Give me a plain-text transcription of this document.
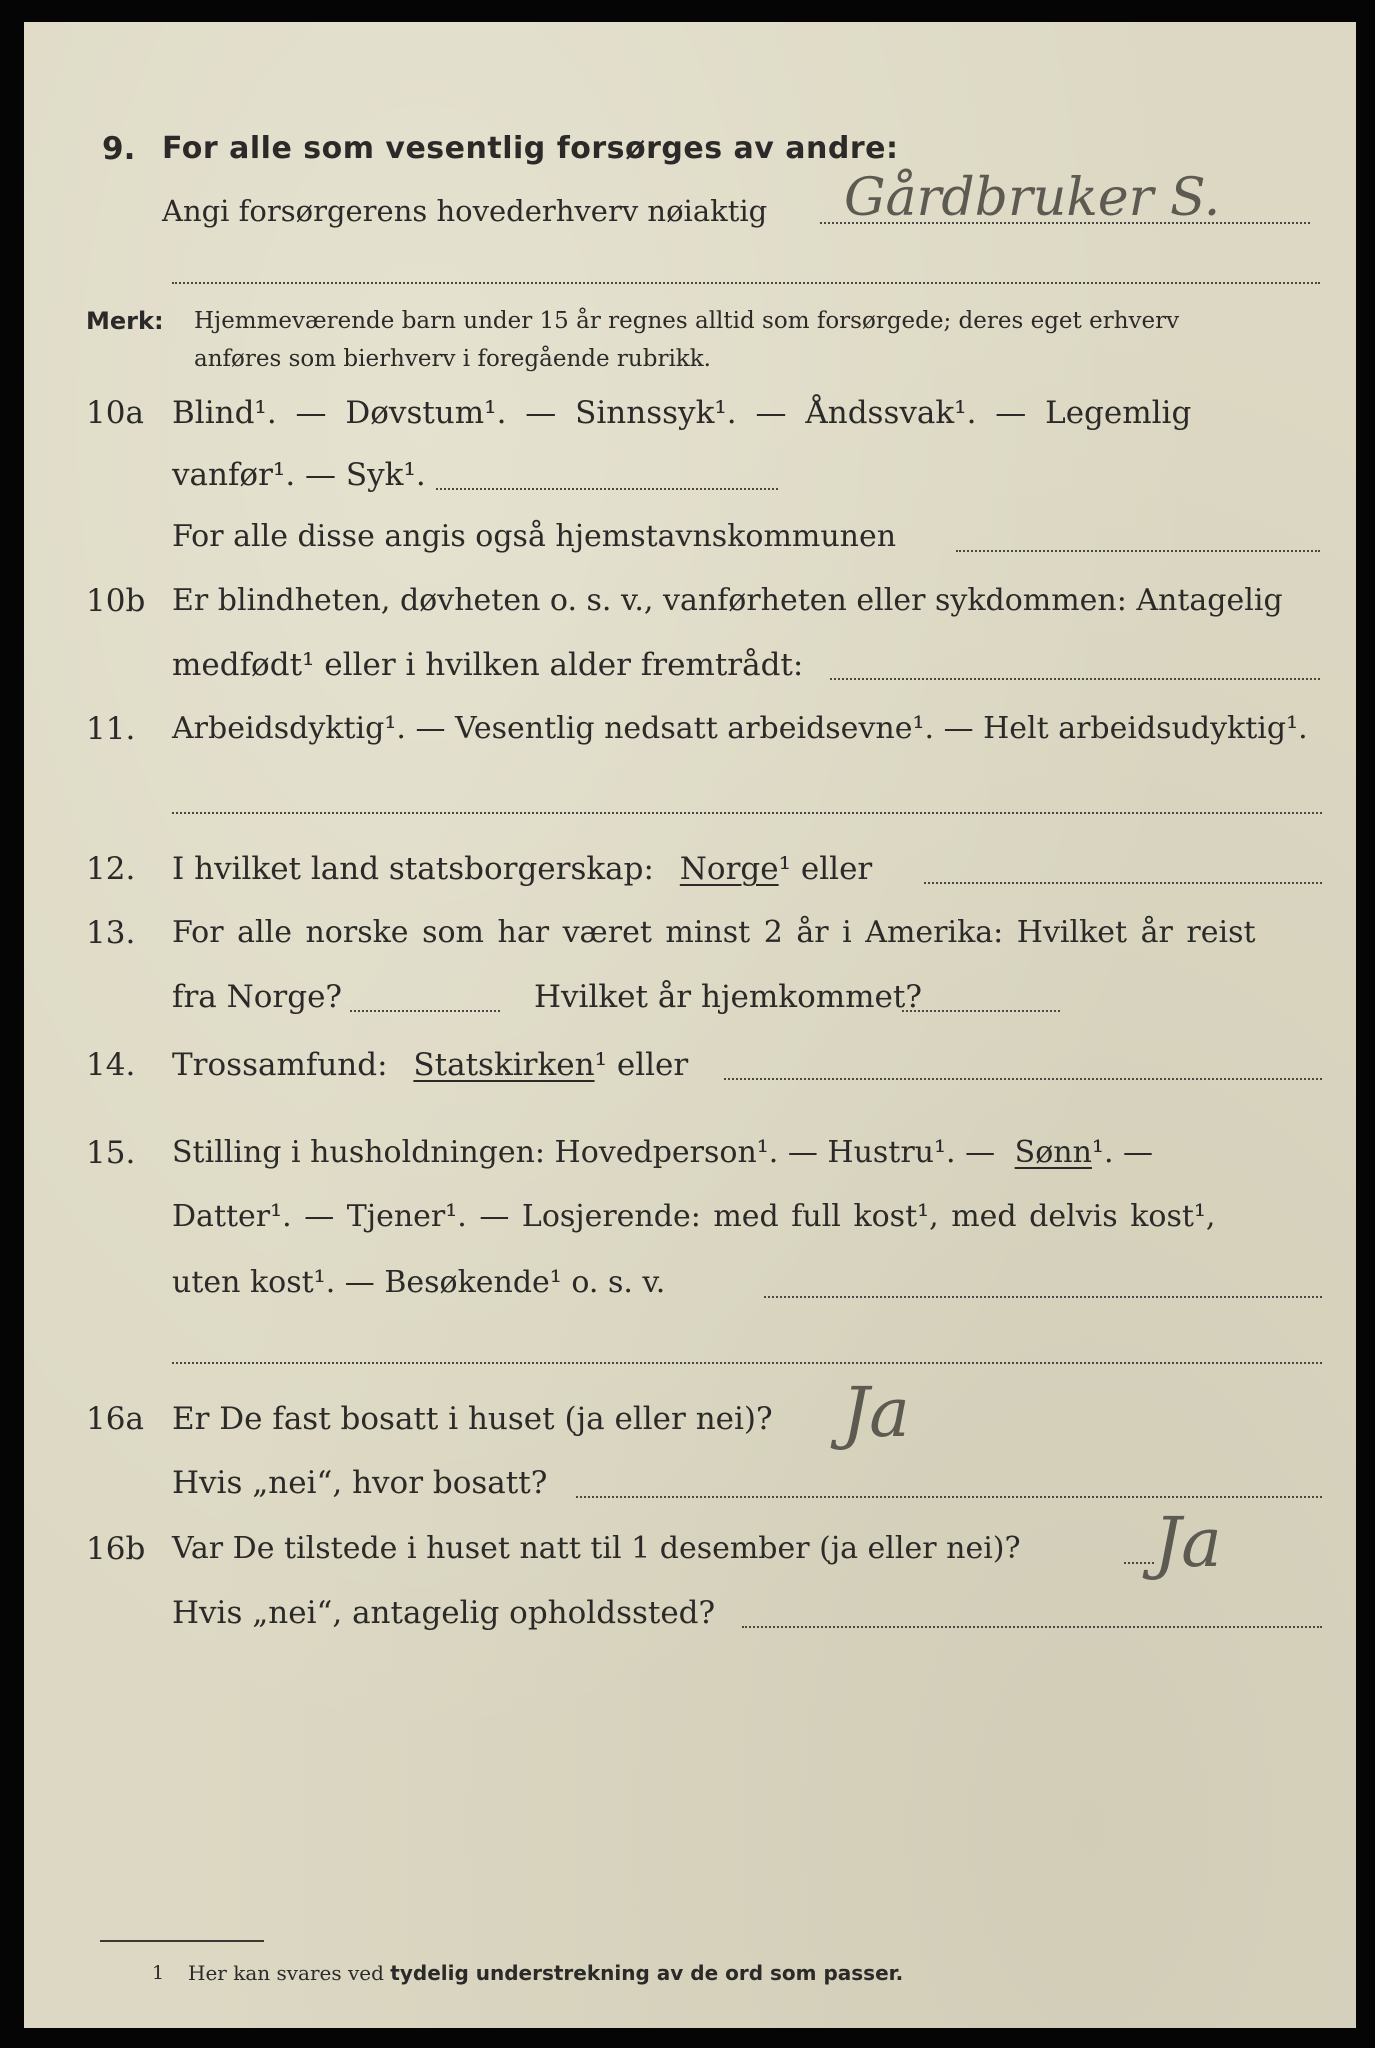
9. For alle som vesentlig forsørges av andre:
Angi forsørgerens hovederhverv nøiaktig Gårdbruker S.
Merk: Hjemmeværende barn under 15 år regnes alltid som forsørgede; deres eget erhverv
anføres som bierhverv i foregående rubrikk.
10a Blind¹. — Døvstum¹. — Sinnssyk¹. — Åndssvak¹. — Legemlig
vanfør¹. — Syk¹.
For alle disse angis også hjemstavnskommunen
10b Er blindheten, døvheten o. s. v., vanførheten eller sykdommen: Antagelig
medfødt¹ eller i hvilken alder fremtrådt:
11. Arbeidsdyktig¹. — Vesentlig nedsatt arbeidsevne¹. — Helt arbeidsudyktig¹.
12. I hvilket land statsborgerskap: Norge¹ eller
13. For alle norske som har været minst 2 år i Amerika: Hvilket år reist
fra Norge?	Hvilket år hjemkommet?
14. Trossamfund: Statskirken¹ eller
15. Stilling i husholdningen: Hovedperson¹. — Hustru¹. — Sønn¹. —
Datter¹. — Tjener¹. — Losjerende: med full kost¹, med delvis kost¹,
uten kost¹. — Besøkende¹ o. s. v.
16a Er De fast bosatt i huset (ja eller nei)? Ja
Hvis „nei“, hvor bosatt?
16b Var De tilstede i huset natt til 1 desember (ja eller nei)? Ja
Hvis „nei“, antagelig opholdssted?
1 Her kan svares ved tydelig understrekning av de ord som passer.
